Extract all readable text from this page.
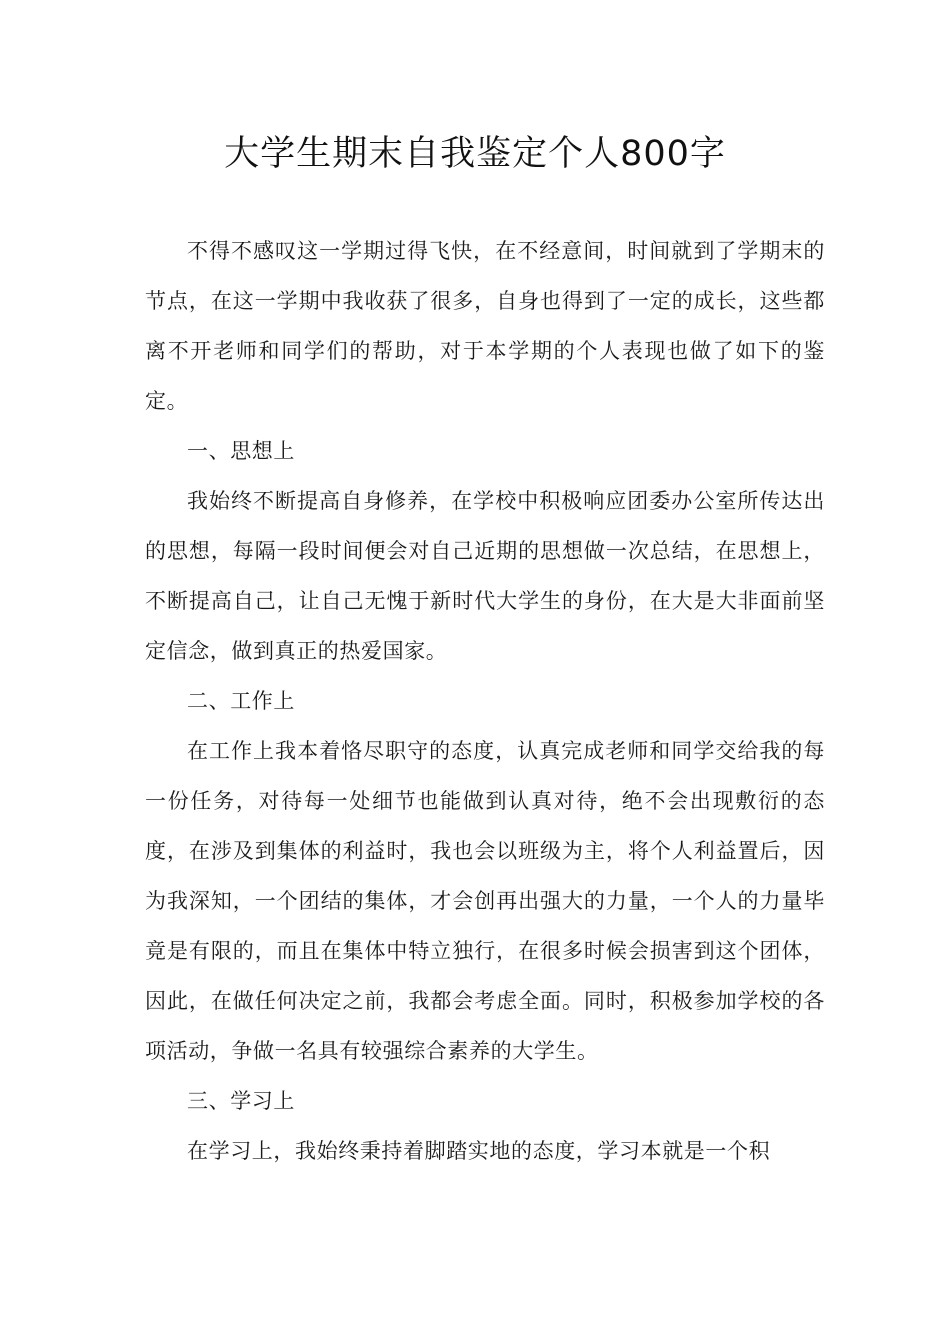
大学生期末自我鉴定个人800字

不得不感叹这一学期过得飞快，在不经意间，时间就到了学期末的节点，在这一学期中我收获了很多，自身也得到了一定的成长，这些都离不开老师和同学们的帮助，对于本学期的个人表现也做了如下的鉴定。

一、思想上

我始终不断提高自身修养，在学校中积极响应团委办公室所传达出的思想，每隔一段时间便会对自己近期的思想做一次总结，在思想上，不断提高自己，让自己无愧于新时代大学生的身份，在大是大非面前坚定信念，做到真正的热爱国家。

二、工作上

在工作上我本着恪尽职守的态度，认真完成老师和同学交给我的每一份任务，对待每一处细节也能做到认真对待，绝不会出现敷衍的态度，在涉及到集体的利益时，我也会以班级为主，将个人利益置后，因为我深知，一个团结的集体，才会创再出强大的力量，一个人的力量毕竟是有限的，而且在集体中特立独行，在很多时候会损害到这个团体，因此，在做任何决定之前，我都会考虑全面。同时，积极参加学校的各项活动，争做一名具有较强综合素养的大学生。

三、学习上

在学习上，我始终秉持着脚踏实地的态度，学习本就是一个积
